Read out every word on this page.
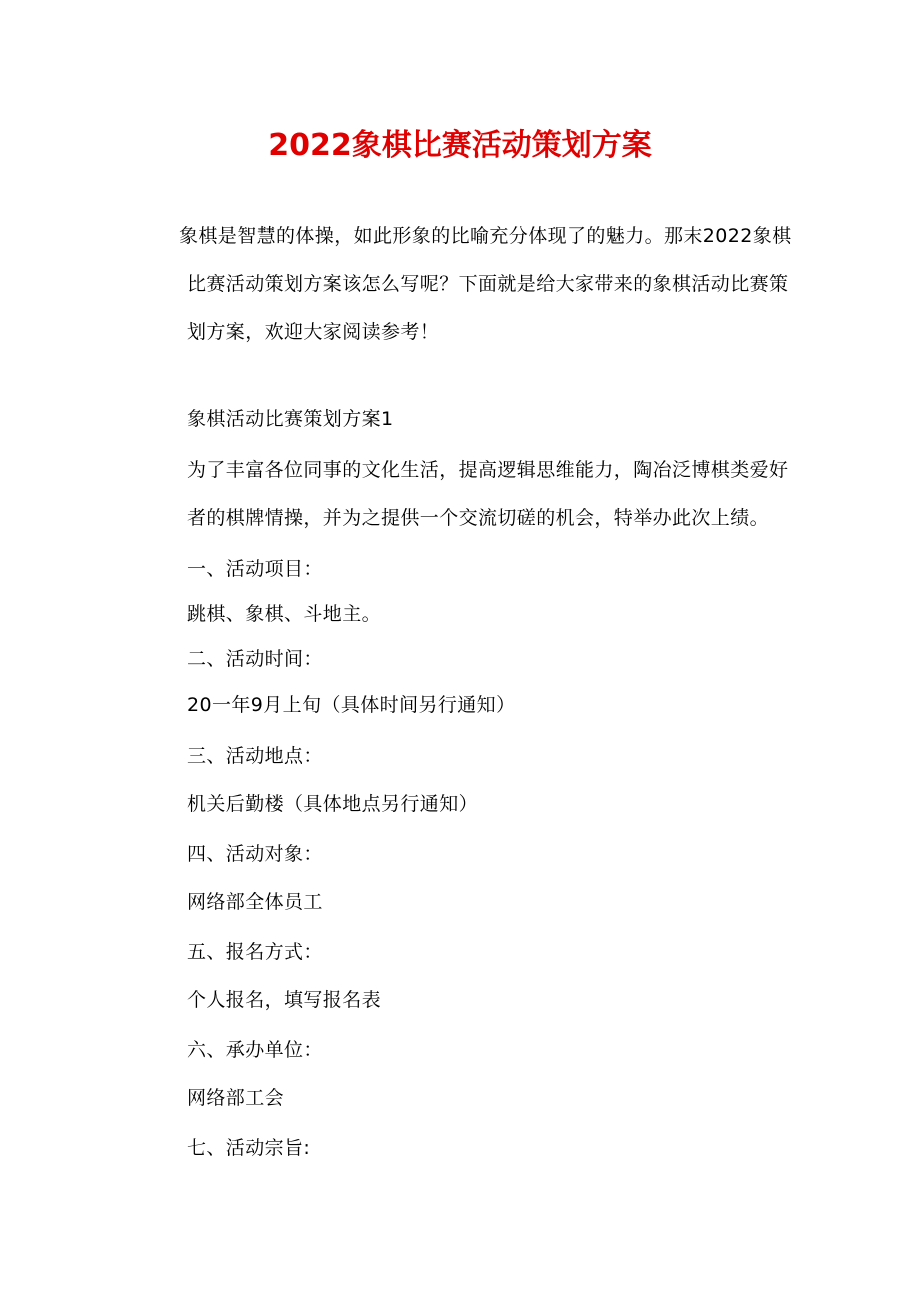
2022象棋比赛活动策划方案

象棋是智慧的体操，如此形象的比喻充分体现了的魅力。那末2022象棋比赛活动策划方案该怎么写呢？下面就是给大家带来的象棋活动比赛策划方案，欢迎大家阅读参考！

象棋活动比赛策划方案1

为了丰富各位同事的文化生活，提高逻辑思维能力，陶冶泛博棋类爱好者的棋牌情操，并为之提供一个交流切磋的机会，特举办此次上绩。

一、活动项目：

跳棋、象棋、斗地主。

二、活动时间：

20一年9月上旬（具体时间另行通知）

三、活动地点：

机关后勤楼（具体地点另行通知）

四、活动对象：

网络部全体员工

五、报名方式：

个人报名，填写报名表

六、承办单位：

网络部工会

七、活动宗旨:
